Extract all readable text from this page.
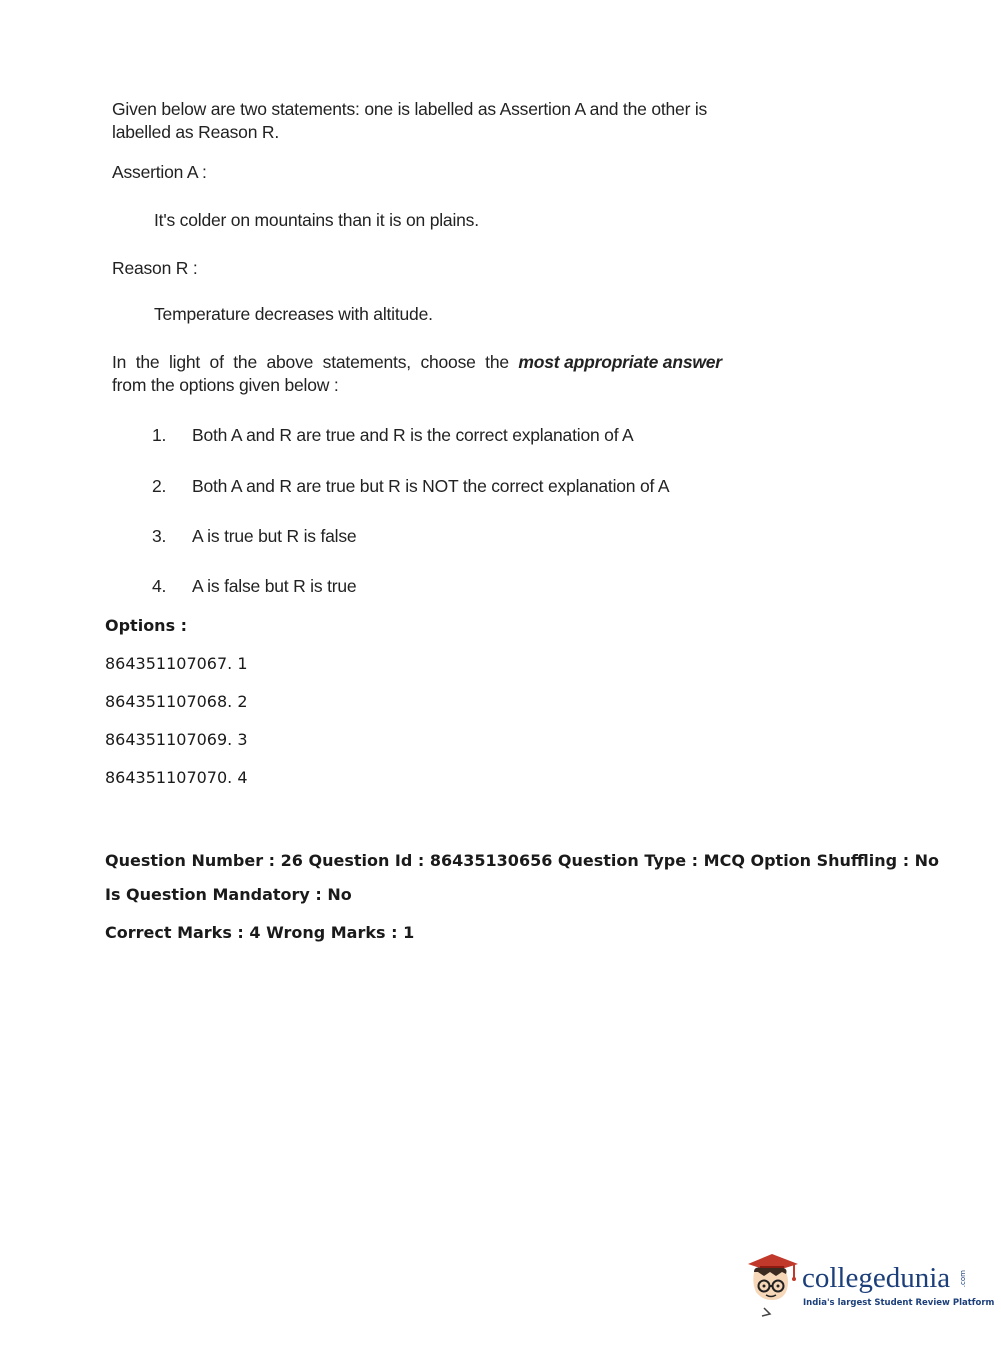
Given below are two statements: one is labelled as Assertion A and the other is labelled as Reason R.
Assertion A :
It's colder on mountains than it is on plains.
Reason R :
Temperature decreases with altitude.
In the light of the above statements, choose the most appropriate answer
from the options given below :
1.	Both A and R are true and R is the correct explanation of A
2.	Both A and R are true but R is NOT the correct explanation of A
3.	A is true but R is false
4.	A is false but R is true
Options :
864351107067. 1
864351107068. 2
864351107069. 3
864351107070. 4
Question Number : 26 Question Id : 86435130656 Question Type : MCQ Option Shuffling : No
Is Question Mandatory : No
Correct Marks : 4 Wrong Marks : 1
collegedunia .com
India's largest Student Review Platform
